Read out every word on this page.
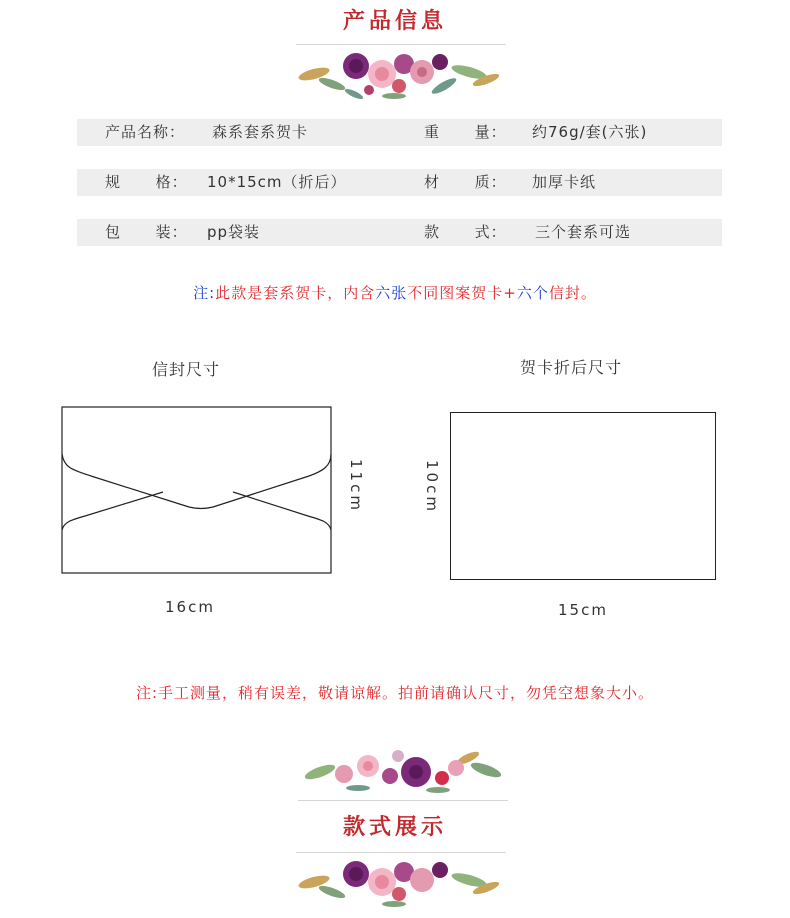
产品信息
产品名称： 森系套系贺卡	重      量： 约76g/套(六张)
规      格： 10*15cm（折后）	材      质： 加厚卡纸
包      装： pp袋装	款      式： 三个套系可选
注:此款是套系贺卡，内含六张不同图案贺卡+六个信封。
信封尺寸	贺卡折后尺寸
11cm
16cm
10cm
15cm
注:手工测量，稍有误差，敬请谅解。拍前请确认尺寸，勿凭空想象大小。
款式展示
